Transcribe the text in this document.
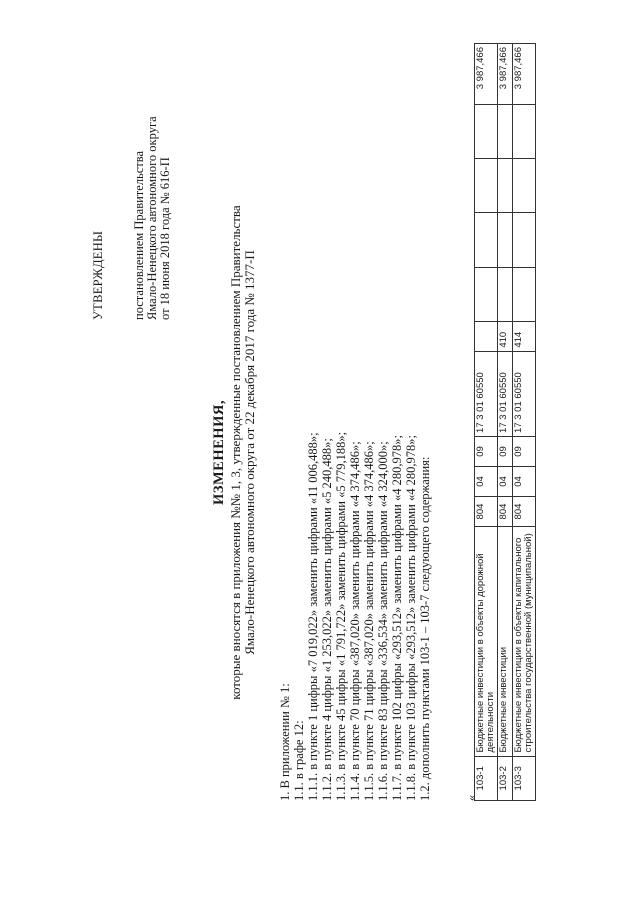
УТВЕРЖДЕНЫ постановлением Правительства Ямало-Ненецкого автономного округа от 18 июня 2018 года № 616-П
ИЗМЕНЕНИЯ, которые вносятся в приложения №№ 1, 3, утвержденные постановлением Правительства
Ямало-Ненецкого автономного округа от 22 декабря 2017 года № 1377-П
1. В приложении № 1: 1.1. в графе 12: 1.1.1. в пункте 1 цифры «7 019,022» заменить цифрами «11 006,488»; 1.1.2. в пункте 4 цифры «1 253,022» заменить цифрами «5 240,488»; 1.1.3. в пункте 45 цифры «1 791,722» заменить цифрами «5 779,188»; 1.1.4. в пункте 70 цифры «387,020» заменить цифрами «4 374,486»; 1.1.5. в пункте 71 цифры «387,020» заменить цифрами «4 374,486»; 1.1.6. в пункте 83 цифры «336,534» заменить цифрами «4 324,000»; 1.1.7. в пункте 102 цифры «293,512» заменить цифрами «4 280,978»; 1.1.8. в пункте 103 цифры «293,512» заменить цифрами «4 280,978»; 1.2. дополнить пунктами 103-1 – 103-7 следующего содержания:	«
103-1	Бюджетные инвестиции в объекты дорожной деятельности	804	04	09	17 3 01 60550						3 987,466
103-2	Бюджетные инвестиции	804	04	09	17 3 01 60550	410					3 987,466
103-3	Бюджетные инвестиции в объекты капитального строительства государственной (муниципальной)	804	04	09	17 3 01 60550	414					3 987,466
